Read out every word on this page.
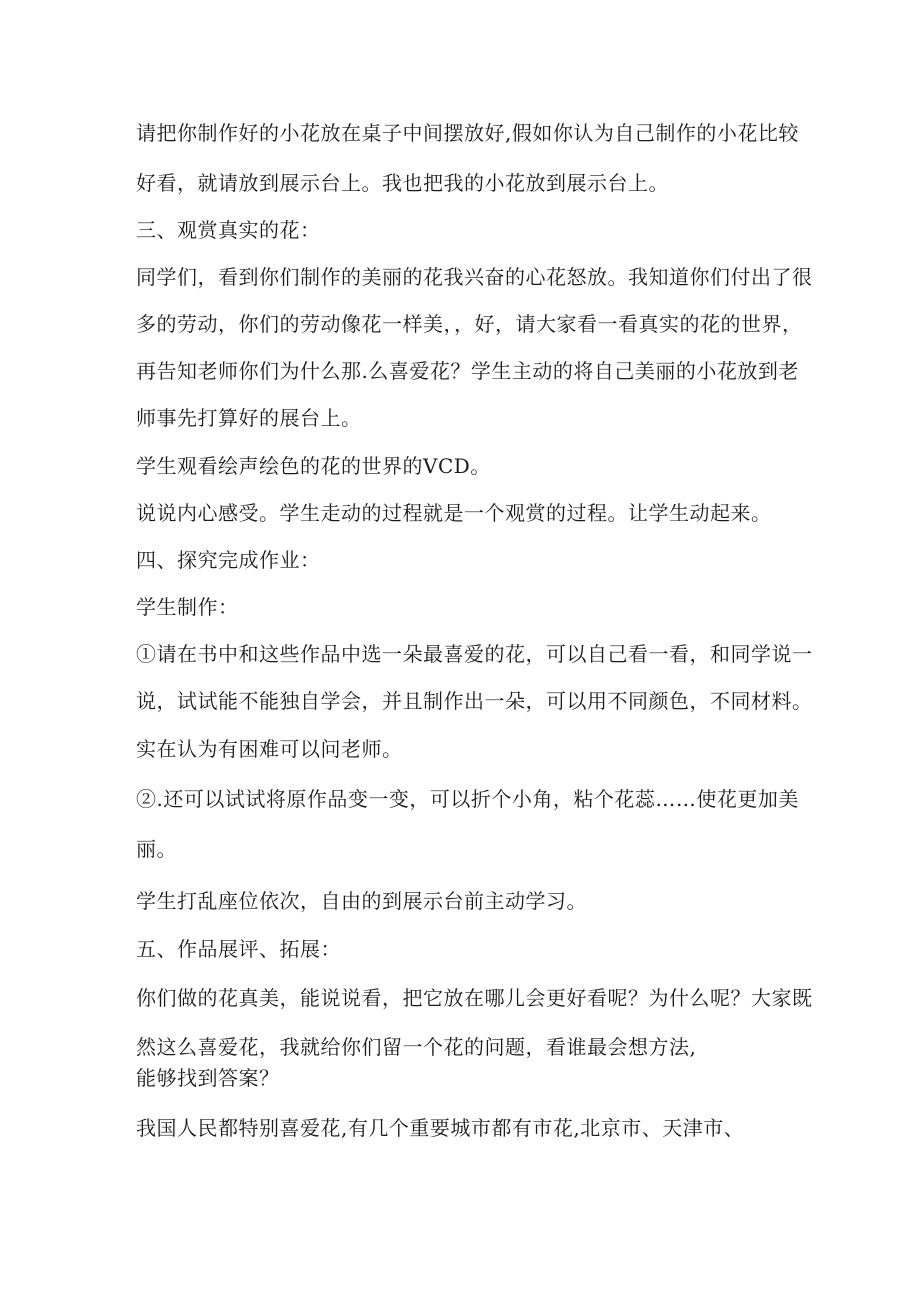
请把你制作好的小花放在桌子中间摆放好,假如你认为自己制作的小花比较
好看，就请放到展示台上。我也把我的小花放到展示台上。
三、观赏真实的花：
同学们，看到你们制作的美丽的花我兴奋的心花怒放。我知道你们付出了很
多的劳动，你们的劳动像花一样美，，好，请大家看一看真实的花的世界，
再告知老师你们为什么那.么喜爱花？学生主动的将自己美丽的小花放到老
师事先打算好的展台上。
学生观看绘声绘色的花的世界的VCD。
说说内心感受。学生走动的过程就是一个观赏的过程。让学生动起来。
四、探究完成作业：
学生制作：
①请在书中和这些作品中选一朵最喜爱的花，可以自己看一看，和同学说一
说，试试能不能独自学会，并且制作出一朵，可以用不同颜色，不同材料。
实在认为有困难可以问老师。
②.还可以试试将原作品变一变，可以折个小角，粘个花蕊……使花更加美
丽。
学生打乱座位依次，自由的到展示台前主动学习。
五、作品展评、拓展：
你们做的花真美，能说说看，把它放在哪儿会更好看呢？为什么呢？大家既
然这么喜爱花，我就给你们留一个花的问题，看谁最会想方法,
能够找到答案？
我国人民都特别喜爱花,有几个重要城市都有市花,北京市、天津市、
